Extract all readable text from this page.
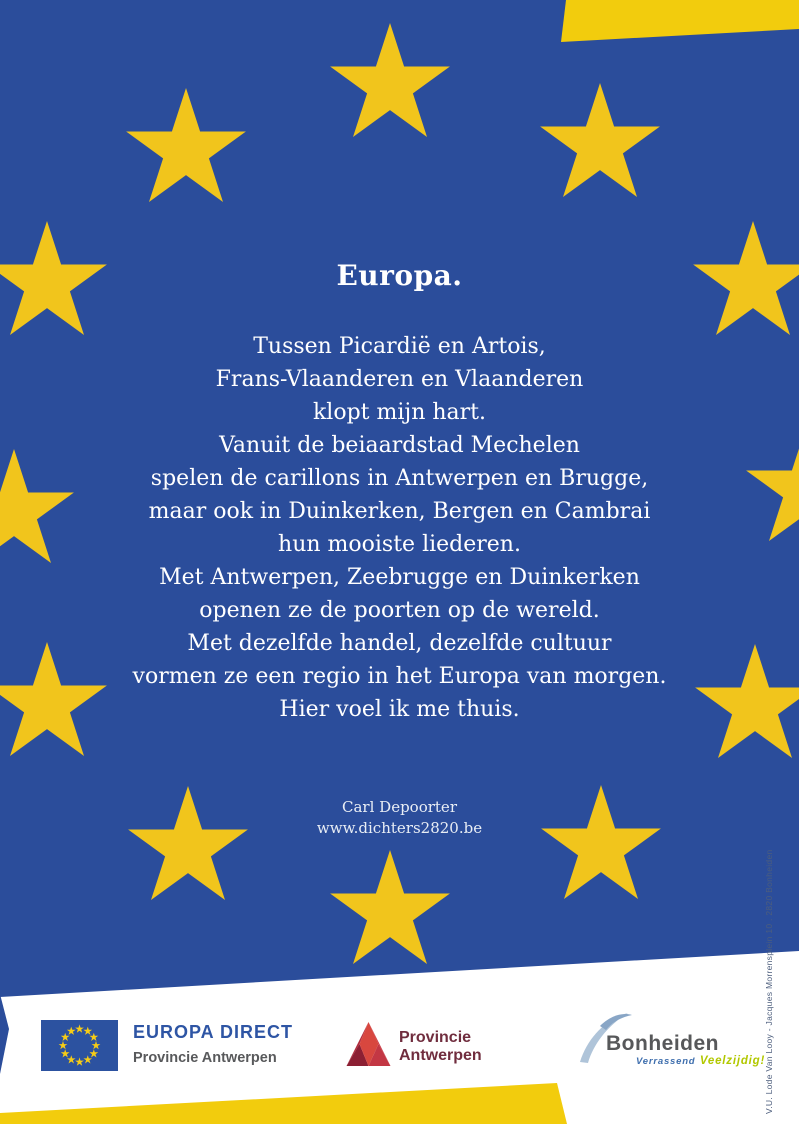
Europa.
Tussen Picardië en Artois,
Frans-Vlaanderen en Vlaanderen
klopt mijn hart.
Vanuit de beiaardstad Mechelen
spelen de carillons in Antwerpen en Brugge,
maar ook in Duinkerken, Bergen en Cambrai
hun mooiste liederen.
Met Antwerpen, Zeebrugge en Duinkerken
openen ze de poorten op de wereld.
Met dezelfde handel, dezelfde cultuur
vormen ze een regio in het Europa van morgen.
Hier voel ik me thuis.
Carl Depoorter
www.dichters2820.be
EUROPA DIRECT
Provincie Antwerpen
Provincie
Antwerpen	Bonheiden
Verrassend Veelzijdig!
V.U. Lode Van Looy - Jacques Morrensplein 10 . 2820 Bonheiden
